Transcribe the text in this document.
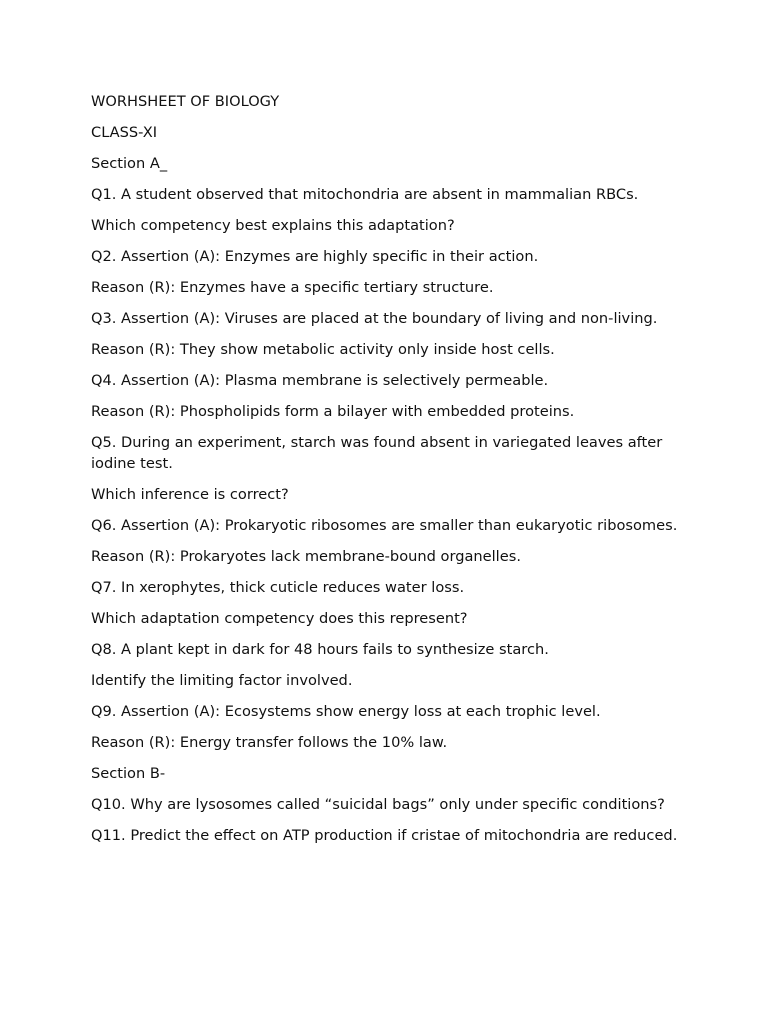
WORHSHEET OF BIOLOGY

CLASS-XI

Section A_

Q1. A student observed that mitochondria are absent in mammalian RBCs.

Which competency best explains this adaptation?

Q2. Assertion (A): Enzymes are highly specific in their action.

Reason (R): Enzymes have a specific tertiary structure.

Q3. Assertion (A): Viruses are placed at the boundary of living and non-living.

Reason (R): They show metabolic activity only inside host cells.

Q4. Assertion (A): Plasma membrane is selectively permeable.

Reason (R): Phospholipids form a bilayer with embedded proteins.

Q5. During an experiment, starch was found absent in variegated leaves after iodine test.

Which inference is correct?

Q6. Assertion (A): Prokaryotic ribosomes are smaller than eukaryotic ribosomes.

Reason (R): Prokaryotes lack membrane-bound organelles.

Q7. In xerophytes, thick cuticle reduces water loss.

Which adaptation competency does this represent?

Q8. A plant kept in dark for 48 hours fails to synthesize starch.

Identify the limiting factor involved.

Q9. Assertion (A): Ecosystems show energy loss at each trophic level.

Reason (R): Energy transfer follows the 10% law.

Section B-

Q10. Why are lysosomes called “suicidal bags” only under specific conditions?

Q11. Predict the effect on ATP production if cristae of mitochondria are reduced.
